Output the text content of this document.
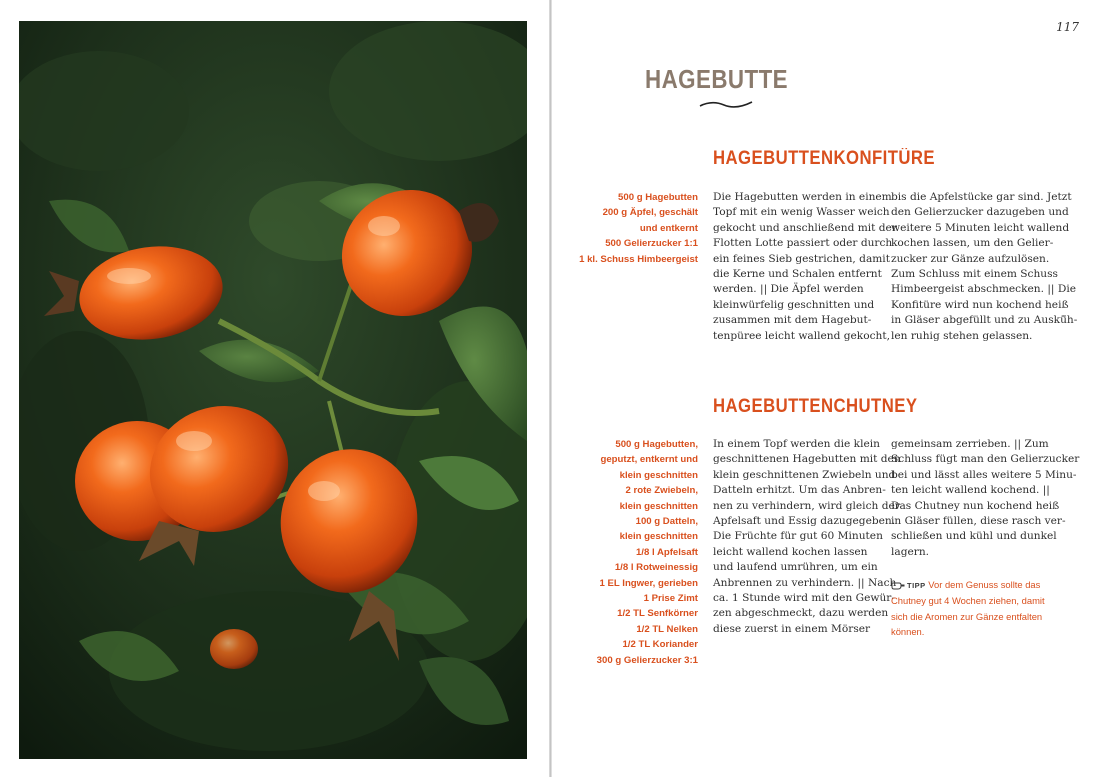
117
HAGEBUTTE
HAGEBUTTENKONFITÜRE
500 g Hagebutten
200 g Äpfel, geschält
und entkernt
500 Gelierzucker 1:1
1 kl. Schuss Himbeergeist
Die Hagebutten werden in einem
Topf mit ein wenig Wasser weich
gekocht und anschließend mit der
Flotten Lotte passiert oder durch
ein feines Sieb gestrichen, damit
die Kerne und Schalen entfernt
werden. || Die Äpfel werden
kleinwürfelig geschnitten und
zusammen mit dem Hagebut-
tenpüree leicht wallend gekocht,
bis die Apfelstücke gar sind. Jetzt
den Gelierzucker dazugeben und
weitere 5 Minuten leicht wallend
kochen lassen, um den Gelier-
zucker zur Gänze aufzulösen.
Zum Schluss mit einem Schuss
Himbeergeist abschmecken. || Die
Konfitüre wird nun kochend heiß
in Gläser abgefüllt und zu Auskü̈h-
len ruhig stehen gelassen.
HAGEBUTTENCHUTNEY
500 g Hagebutten,
geputzt, entkernt und
klein geschnitten
2 rote Zwiebeln,
klein geschnitten
100 g Datteln,
klein geschnitten
1/8 l Apfelsaft
1/8 l Rotweinessig
1 EL Ingwer, gerieben
1 Prise Zimt
1/2 TL Senfkörner
1/2 TL Nelken
1/2 TL Koriander
300 g Gelierzucker 3:1
In einem Topf werden die klein
geschnittenen Hagebutten mit den
klein geschnittenen Zwiebeln und
Datteln erhitzt. Um das Anbren-
nen zu verhindern, wird gleich der
Apfelsaft und Essig dazugegeben.
Die Früchte für gut 60 Minuten
leicht wallend kochen lassen
und laufend umrühren, um ein
Anbrennen zu verhindern. || Nach
ca. 1 Stunde wird mit den Gewür-
zen abgeschmeckt, dazu werden
diese zuerst in einem Mörser
gemeinsam zerrieben. || Zum
Schluss fügt man den Gelierzucker
bei und lässt alles weitere 5 Minu-
ten leicht wallend kochend. ||
Das Chutney nun kochend heiß
in Gläser füllen, diese rasch ver-
schließen und kühl und dunkel
lagern.
TIPP Vor dem Genuss sollte das
Chutney gut 4 Wochen ziehen, damit
sich die Aromen zur Gänze entfalten
können.
